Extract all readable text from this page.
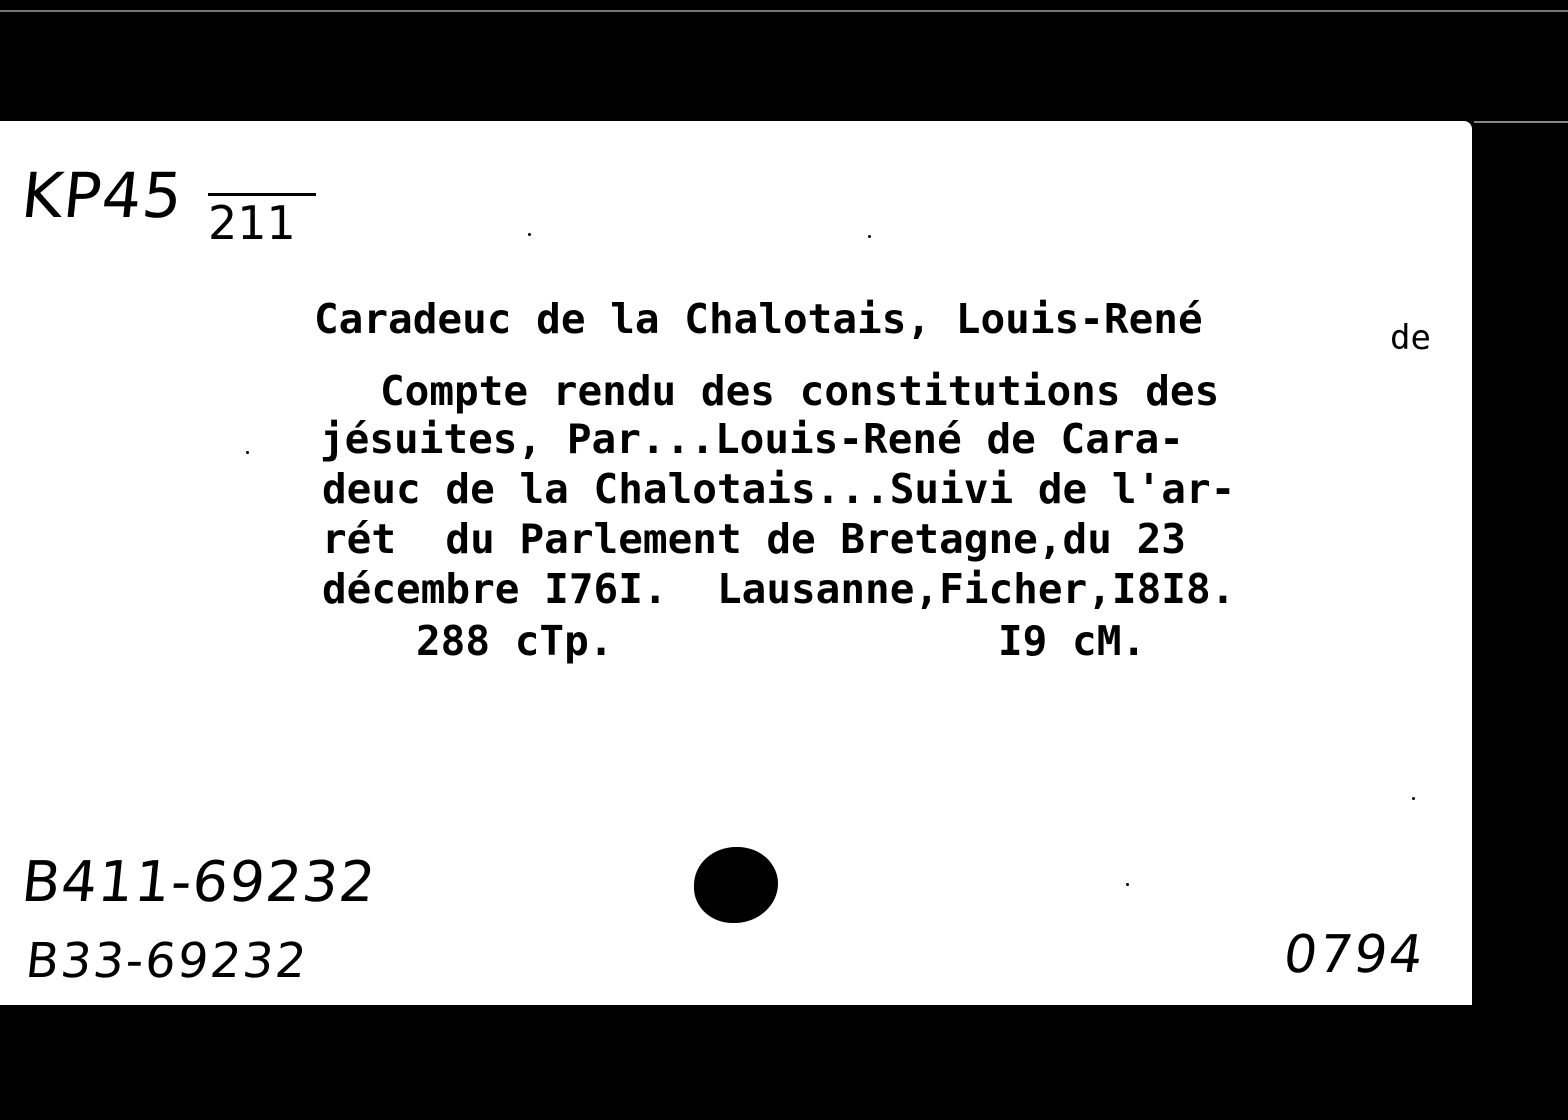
KP45 211
Caradeuc de la Chalotais, Louis-René	de
Compte rendu des constitutions des
jésuites, Par...Louis-René de Cara-
deuc de la Chalotais...Suivi de l'ar-
rét  du Parlement de Bretagne,du 23
décembre I76I.  Lausanne,Ficher,I8I8.
288 cTp.	I9 cM.
B411-69232
B33-69232	0794
